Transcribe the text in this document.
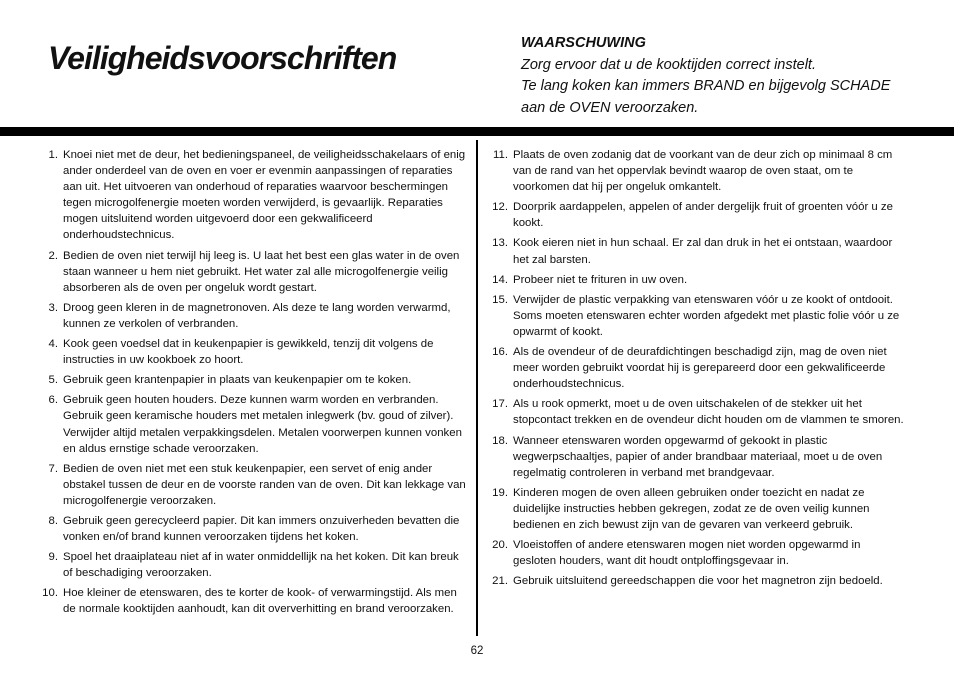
Veiligheidsvoorschriften	WAARSCHUWING
Zorg ervoor dat u de kooktijden correct instelt.
Te lang koken kan immers BRAND en bijgevolg SCHADE
aan de OVEN veroorzaken.
1. Knoei niet met de deur, het bedieningspaneel, de veiligheidsschakelaars of enig ander onderdeel van de oven en voer er evenmin aanpassingen of reparaties aan uit. Het uitvoeren van onderhoud of reparaties waarvoor beschermingen tegen microgolfenergie moeten worden verwijderd, is gevaarlijk. Reparaties mogen uitsluitend worden uitgevoerd door een gekwalificeerd onderhoudstechnicus.
2. Bedien de oven niet terwijl hij leeg is. U laat het best een glas water in de oven staan wanneer u hem niet gebruikt. Het water zal alle microgolfenergie veilig absorberen als de oven per ongeluk wordt gestart.
3. Droog geen kleren in de magnetronoven. Als deze te lang worden verwarmd, kunnen ze verkolen of verbranden.
4. Kook geen voedsel dat in keukenpapier is gewikkeld, tenzij dit volgens de instructies in uw kookboek zo hoort.
5. Gebruik geen krantenpapier in plaats van keukenpapier om te koken.
6. Gebruik geen houten houders. Deze kunnen warm worden en verbranden. Gebruik geen keramische houders met metalen inlegwerk (bv. goud of zilver). Verwijder altijd metalen verpakkingsdelen. Metalen voorwerpen kunnen vonken en aldus ernstige schade veroorzaken.
7. Bedien de oven niet met een stuk keukenpapier, een servet of enig ander obstakel tussen de deur en de voorste randen van de oven. Dit kan lekkage van microgolfenergie veroorzaken.
8. Gebruik geen gerecycleerd papier. Dit kan immers onzuiverheden bevatten die vonken en/of brand kunnen veroorzaken tijdens het koken.
9. Spoel het draaiplateau niet af in water onmiddellijk na het koken. Dit kan breuk of beschadiging veroorzaken.
10. Hoe kleiner de etenswaren, des te korter de kook- of verwarmingstijd. Als men de normale kooktijden aanhoudt, kan dit oververhitting en brand veroorzaken.
11. Plaats de oven zodanig dat de voorkant van de deur zich op minimaal 8 cm van de rand van het oppervlak bevindt waarop de oven staat, om te voorkomen dat hij per ongeluk omkantelt.
12. Doorprik aardappelen, appelen of ander dergelijk fruit of groenten vóór u ze kookt.
13. Kook eieren niet in hun schaal. Er zal dan druk in het ei ontstaan, waardoor het zal barsten.
14. Probeer niet te frituren in uw oven.
15. Verwijder de plastic verpakking van etenswaren vóór u ze kookt of ontdooit. Soms moeten etenswaren echter worden afgedekt met plastic folie vóór u ze opwarmt of kookt.
16. Als de ovendeur of de deurafdichtingen beschadigd zijn, mag de oven niet meer worden gebruikt voordat hij is gerepareerd door een gekwalificeerde onderhoudstechnicus.
17. Als u rook opmerkt, moet u de oven uitschakelen of de stekker uit het stopcontact trekken en de ovendeur dicht houden om de vlammen te smoren.
18. Wanneer etenswaren worden opgewarmd of gekookt in plastic wegwerpschaaltjes, papier of ander brandbaar materiaal, moet u de oven regelmatig controleren in verband met brandgevaar.
19. Kinderen mogen de oven alleen gebruiken onder toezicht en nadat ze duidelijke instructies hebben gekregen, zodat ze de oven veilig kunnen bedienen en zich bewust zijn van de gevaren van verkeerd gebruik.
20. Vloeistoffen of andere etenswaren mogen niet worden opgewarmd in gesloten houders, want dit houdt ontploffingsgevaar in.
21. Gebruik uitsluitend gereedschappen die voor het magnetron zijn bedoeld.
62
